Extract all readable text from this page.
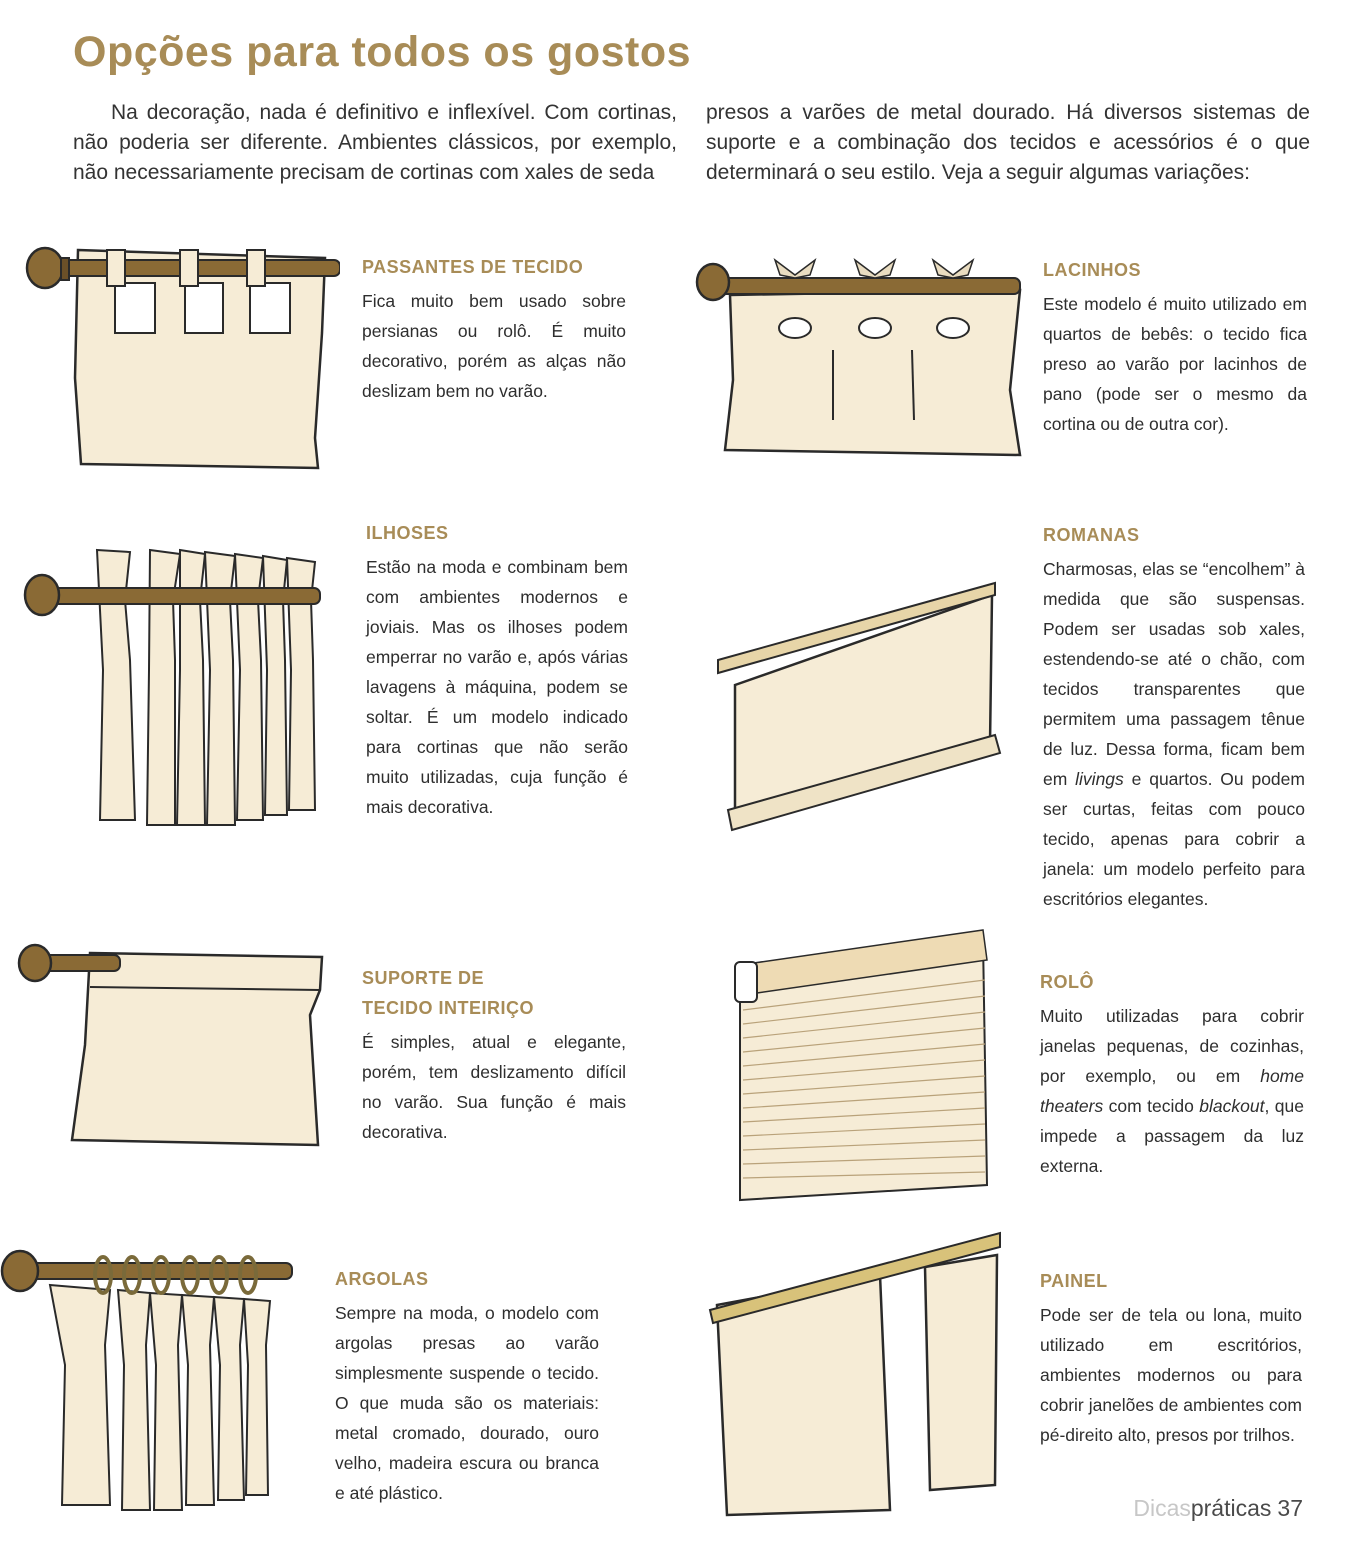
Opções para todos os gostos
Na decoração, nada é definitivo e inflexível. Com cortinas, não poderia ser diferente. Ambientes clássicos, por exemplo, não necessariamente precisam de cortinas com xales de seda
presos a varões de metal dourado. Há diversos sistemas de suporte e a combinação dos tecidos e acessórios é o que determinará o seu estilo. Veja a seguir algumas variações:
PASSANTES DE TECIDO

Fica muito bem usado sobre persianas ou rolô. É muito decorativo, porém as alças não deslizam bem no varão.

LACINHOS

Este modelo é muito utilizado em quartos de bebês: o tecido fica preso ao varão por lacinhos de pano (pode ser o mesmo da cortina ou de outra cor).

ILHOSES

Estão na moda e combinam bem com ambientes modernos e joviais. Mas os ilhoses podem emperrar no varão e, após várias lavagens à máquina, podem se soltar. É um modelo indicado para cortinas que não serão muito utilizadas, cuja função é mais decorativa.

ROMANAS

Charmosas, elas se “encolhem” à medida que são suspensas. Podem ser usadas sob xales, estendendo-se até o chão, com tecidos transparentes que permitem uma passagem tênue de luz. Dessa forma, ficam bem em livings e quartos. Ou podem ser curtas, feitas com pouco tecido, apenas para cobrir a janela: um modelo perfeito para escritórios elegantes.

SUPORTE DE
TECIDO INTEIRIÇO

É simples, atual e elegante, porém, tem deslizamento difícil no varão. Sua função é mais decorativa.

ROLÔ

Muito utilizadas para cobrir janelas pequenas, de cozinhas, por exemplo, ou em home theaters com tecido blackout, que impede a passagem da luz externa.

ARGOLAS

Sempre na moda, o modelo com argolas presas ao varão simplesmente suspende o tecido. O que muda são os materiais: metal cromado, dourado, ouro velho, madeira escura ou branca e até plástico.

PAINEL

Pode ser de tela ou lona, muito utilizado em escritórios, ambientes modernos ou para cobrir janelões de ambientes com pé-direito alto, presos por trilhos.

Dicaspráticas 37
